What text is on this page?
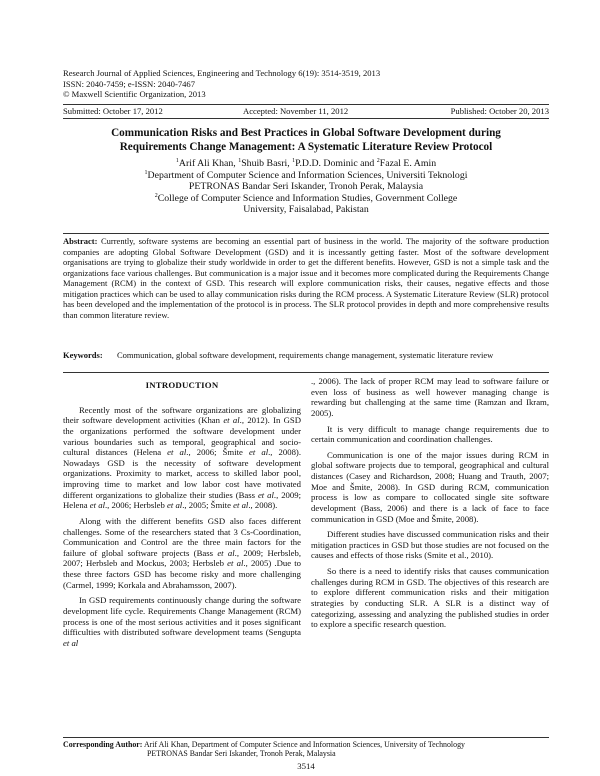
Research Journal of Applied Sciences, Engineering and Technology 6(19): 3514-3519, 2013
ISSN: 2040-7459; e-ISSN: 2040-7467
© Maxwell Scientific Organization, 2013
Submitted: October 17, 2012	Accepted: November 11, 2012	Published: October 20, 2013
Communication Risks and Best Practices in Global Software Development during
Requirements Change Management: A Systematic Literature Review Protocol
$^1$Arif Ali Khan, $^1$Shuib Basri, $^1$P.D.D. Dominic and $^2$Fazal E. Amin
$^1$Department of Computer Science and Information Sciences, Universiti Teknologi
PETRONAS Bandar Seri Iskander, Tronoh Perak, Malaysia
$^2$College of Computer Science and Information Studies, Government College
University, Faisalabad, Pakistan
Abstract: Currently, software systems are becoming an essential part of business in the world. The majority of the software production companies are adopting Global Software Development (GSD) and it is incessantly getting faster. Most of the software development organisations are trying to globalize their study worldwide in order to get the different benefits. However, GSD is not a simple task and the organizations face various challenges. But communication is a major issue and it becomes more complicated during the Requirements Change Management (RCM) in the context of GSD. This research will explore communication risks, their causes, negative effects and those mitigation practices which can be used to allay communication risks during the RCM process. A Systematic Literature Review (SLR) protocol has been developed and the implementation of the protocol is in process. The SLR protocol provides in depth and more comprehensive results than common literature review.
Keywords: Communication, global software development, requirements change management, systematic literature review
INTRODUCTION

Recently most of the software organizations are globalizing their software development activities (Khan et al., 2012). In GSD the organizations performed the software development under various boundaries such as temporal, geographical and socio-cultural distances (Helena et al., 2006; Šmite et al., 2008). Nowadays GSD is the necessity of software development organizations. Proximity to market, access to skilled labor pool, improving time to market and low labor cost have motivated different organizations to globalize their studies (Bass et al., 2009; Helena et al., 2006; Herbsleb et al., 2005; Šmite et al., 2008).

Along with the different benefits GSD also faces different challenges. Some of the researchers stated that 3 Cs-Coordination, Communication and Control are the three main factors for the failure of global software projects (Bass et al., 2009; Herbsleb, 2007; Herbsleb and Mockus, 2003; Herbsleb et al., 2005) .Due to these three factors GSD has become risky and more challenging (Carmel, 1999; Korkala and Abrahamsson, 2007).

In GSD requirements continuously change during the software development life cycle. Requirements Change Management (RCM) process is one of the most serious activities and it poses significant difficulties with distributed software development teams (Sengupta et al

., 2006). The lack of proper RCM may lead to software failure or even loss of business as well however managing change is rewarding but challenging at the same time (Ramzan and Ikram, 2005).

It is very difficult to manage change requirements due to certain communication and coordination challenges.

Communication is one of the major issues during RCM in global software projects due to temporal, geographical and cultural distances (Casey and Richardson, 2008; Huang and Trauth, 2007; Moe and Šmite, 2008). In GSD during RCM, communication process is low as compare to collocated single site software development (Bass, 2006) and there is a lack of face to face communication in GSD (Moe and Šmite, 2008).

Different studies have discussed communication risks and their mitigation practices in GSD but those studies are not focused on the causes and effects of those risks (Smite et al., 2010).

So there is a need to identify risks that causes communication challenges during RCM in GSD. The objectives of this research are to explore different communication risks and their mitigation strategies by conducting SLR. A SLR is a distinct way of categorizing, assessing and analyzing the published studies in order to explore a specific research question.

Corresponding Author: Arif Ali Khan, Department of Computer Science and Information Sciences, University of Technology
PETRONAS Bandar Seri Iskander, Tronoh Perak, Malaysia
3514
